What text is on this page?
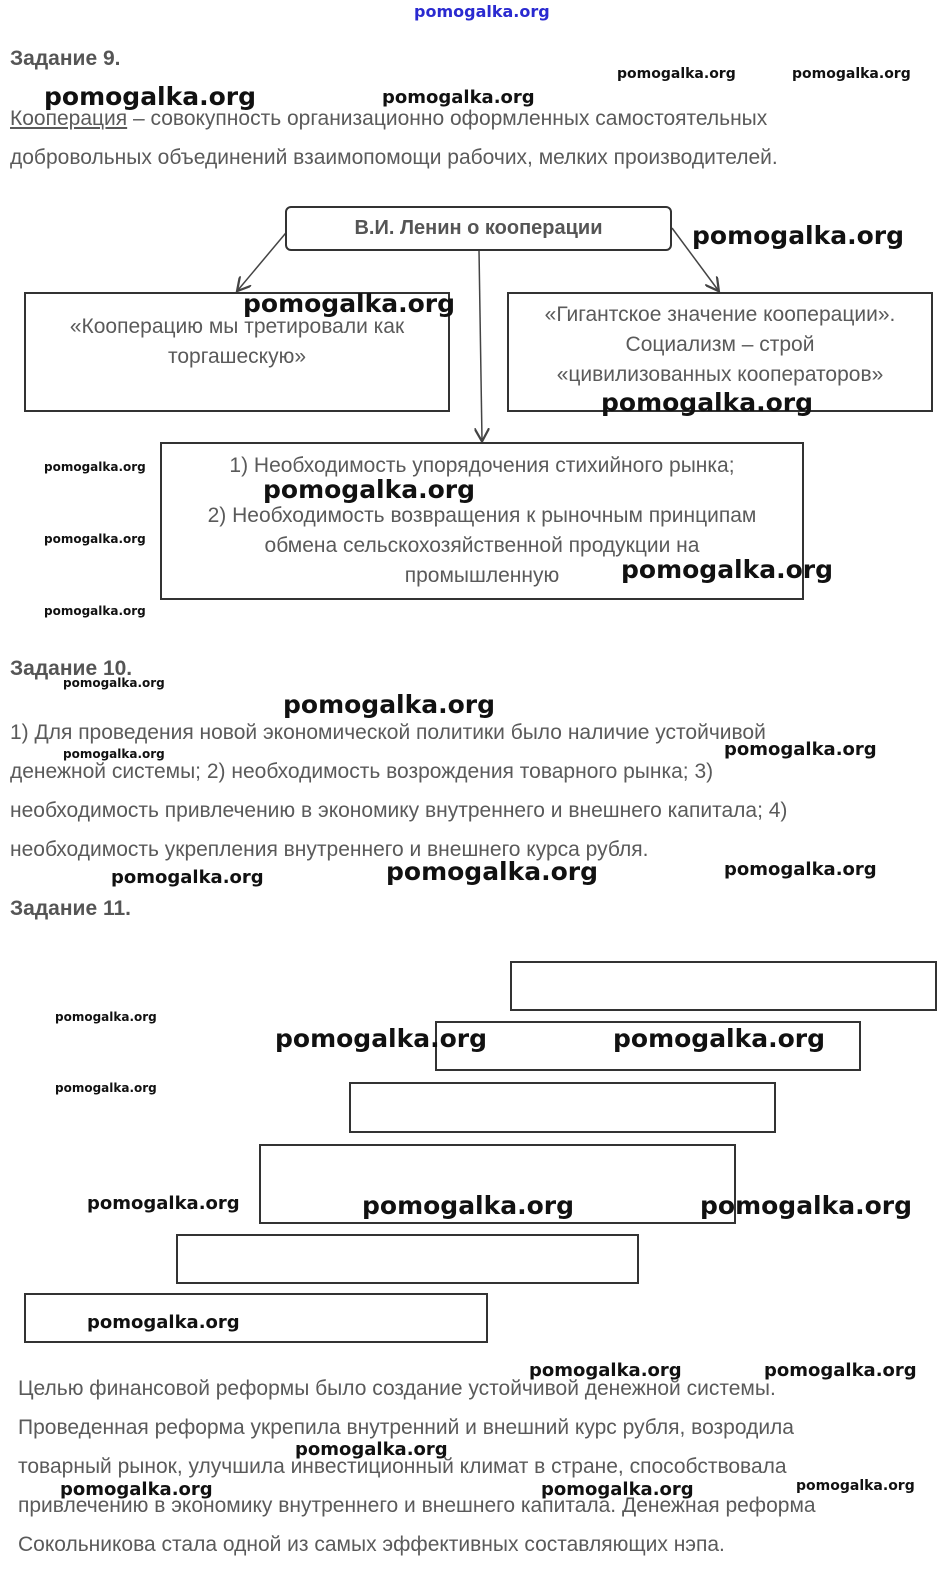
pomogalka.org
Задание 9.
Кооперация – совокупность организационно оформленных самостоятельных
добровольных объединений взаимопомощи рабочих, мелких производителей.
В.И. Ленин о кооперации
«Кооперацию мы третировали как торгашескую»
«Гигантское значение кооперации».
Социализм – строй
«цивилизованных кооператоров»
1) Необходимость упорядочения стихийного рынка;
2) Необходимость возвращения к рыночным принципам
обмена сельскохозяйственной продукции на
промышленную
Задание 10.
1) Для проведения новой экономической политики было наличие устойчивой
денежной системы; 2) необходимость возрождения товарного рынка; 3)
необходимость привлечению в экономику внутреннего и внешнего капитала; 4)
необходимость укрепления внутреннего и внешнего курса рубля.
Задание 11.
Целью финансовой реформы было создание устойчивой денежной системы.
Проведенная реформа укрепила внутренний и внешний курс рубля, возродила
товарный рынок, улучшила инвестиционный климат в стране, способствовала
привлечению в экономику внутреннего и внешнего капитала. Денежная реформа
Сокольникова стала одной из самых эффективных составляющих нэпа.
pomogalka.org	pomogalka.org
pomogalka.org	pomogalka.org
pomogalka.org
pomogalka.org
pomogalka.org
pomogalka.org
pomogalka.org
pomogalka.org
pomogalka.org
pomogalka.org
pomogalka.org
pomogalka.org
pomogalka.org
pomogalka.org
pomogalka.org
pomogalka.org
pomogalka.org
pomogalka.org
pomogalka.org	pomogalka.org
pomogalka.org
pomogalka.org	pomogalka.org	pomogalka.org
pomogalka.org
pomogalka.org	pomogalka.org
pomogalka.org
pomogalka.org
pomogalka.org	pomogalka.org
